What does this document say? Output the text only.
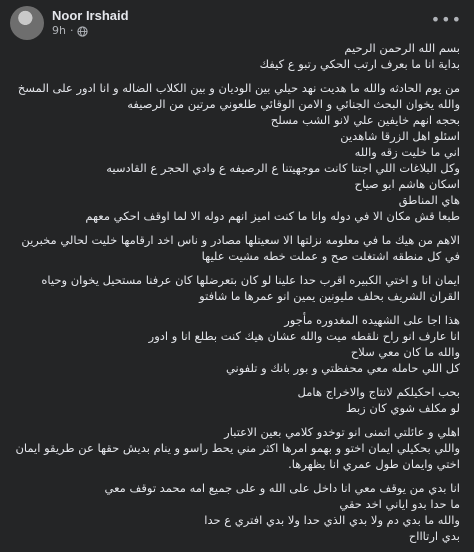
Noor Irshaid
9h ·
•••
بسم الله الرحمن الرحيم
بداية انا ما بعرف ارتب الحكي رتبو ع كيفك
من يوم الحادثه والله ما هديت نهد حيلي بين الوديان و بين الكلاب الضاله و انا ادور على المسخ
والله يخوان البحث الجنائي و الامن الوقائي طلعوني مرتين من الرصيفه
بحجه انهم خايفين علي لانو الشب مسلح
اسئلو اهل الزرقا شاهدين
اني ما خليت زقه والله
وكل البلاغات اللي اجتنا كانت موجهيتنا ع الرصيفه ع وادي الحجر ع القادسيه
اسكان هاشم ابو صياح
هاي المناطق
طبعا قش مكان الا في دوله وانا ما كنت اميز انهم دوله الا لما اوقف احكي معهم
الاهم من هيك ما في معلومه نزلتها الا سعيتلها مصادر و ناس اخد ارقامها خليت لحالي مخبرين في كل منطقه اشتغلت صح و عملت خطه مشيت عليها
ايمان انا و اختي الكبيره اقرب حدا علينا لو كان بتعرضلها كان عرفنا مستحيل يخوان وحياه القران الشريف بحلف مليونين يمين انو عمرها ما شافتو
هذا اجا على الشهيده المغدوره مأجور
انا عارف انو راح نلقطه ميت والله عشان هيك كنت بطلع انا و ادور
والله ما كان معي سلاح
كل اللي حامله معي محفظتي و بور بانك و تلفوني
بحب احكيلكم لانتاج والاخراج هامل
لو مكلف شوي كان زبط
اهلي و عائلتي اتمنى انو توخدو كلامي بعين الاعتبار
واللي بحكيلي ايمان اختو و بهمو امرها اكثر مني يحط راسو و ينام بديش حقها عن طريقو ايمان اختي وايمان طول عمري انا بظهرها.
انا بدي من يوقف معي انا داخل على الله و على جميع امه محمد توقف معي
ما حدا بدو اياني اخد حقي
والله ما بدي دم ولا بدي الذي حدا ولا بدي افتري ع حدا
بدي ارتاااح
